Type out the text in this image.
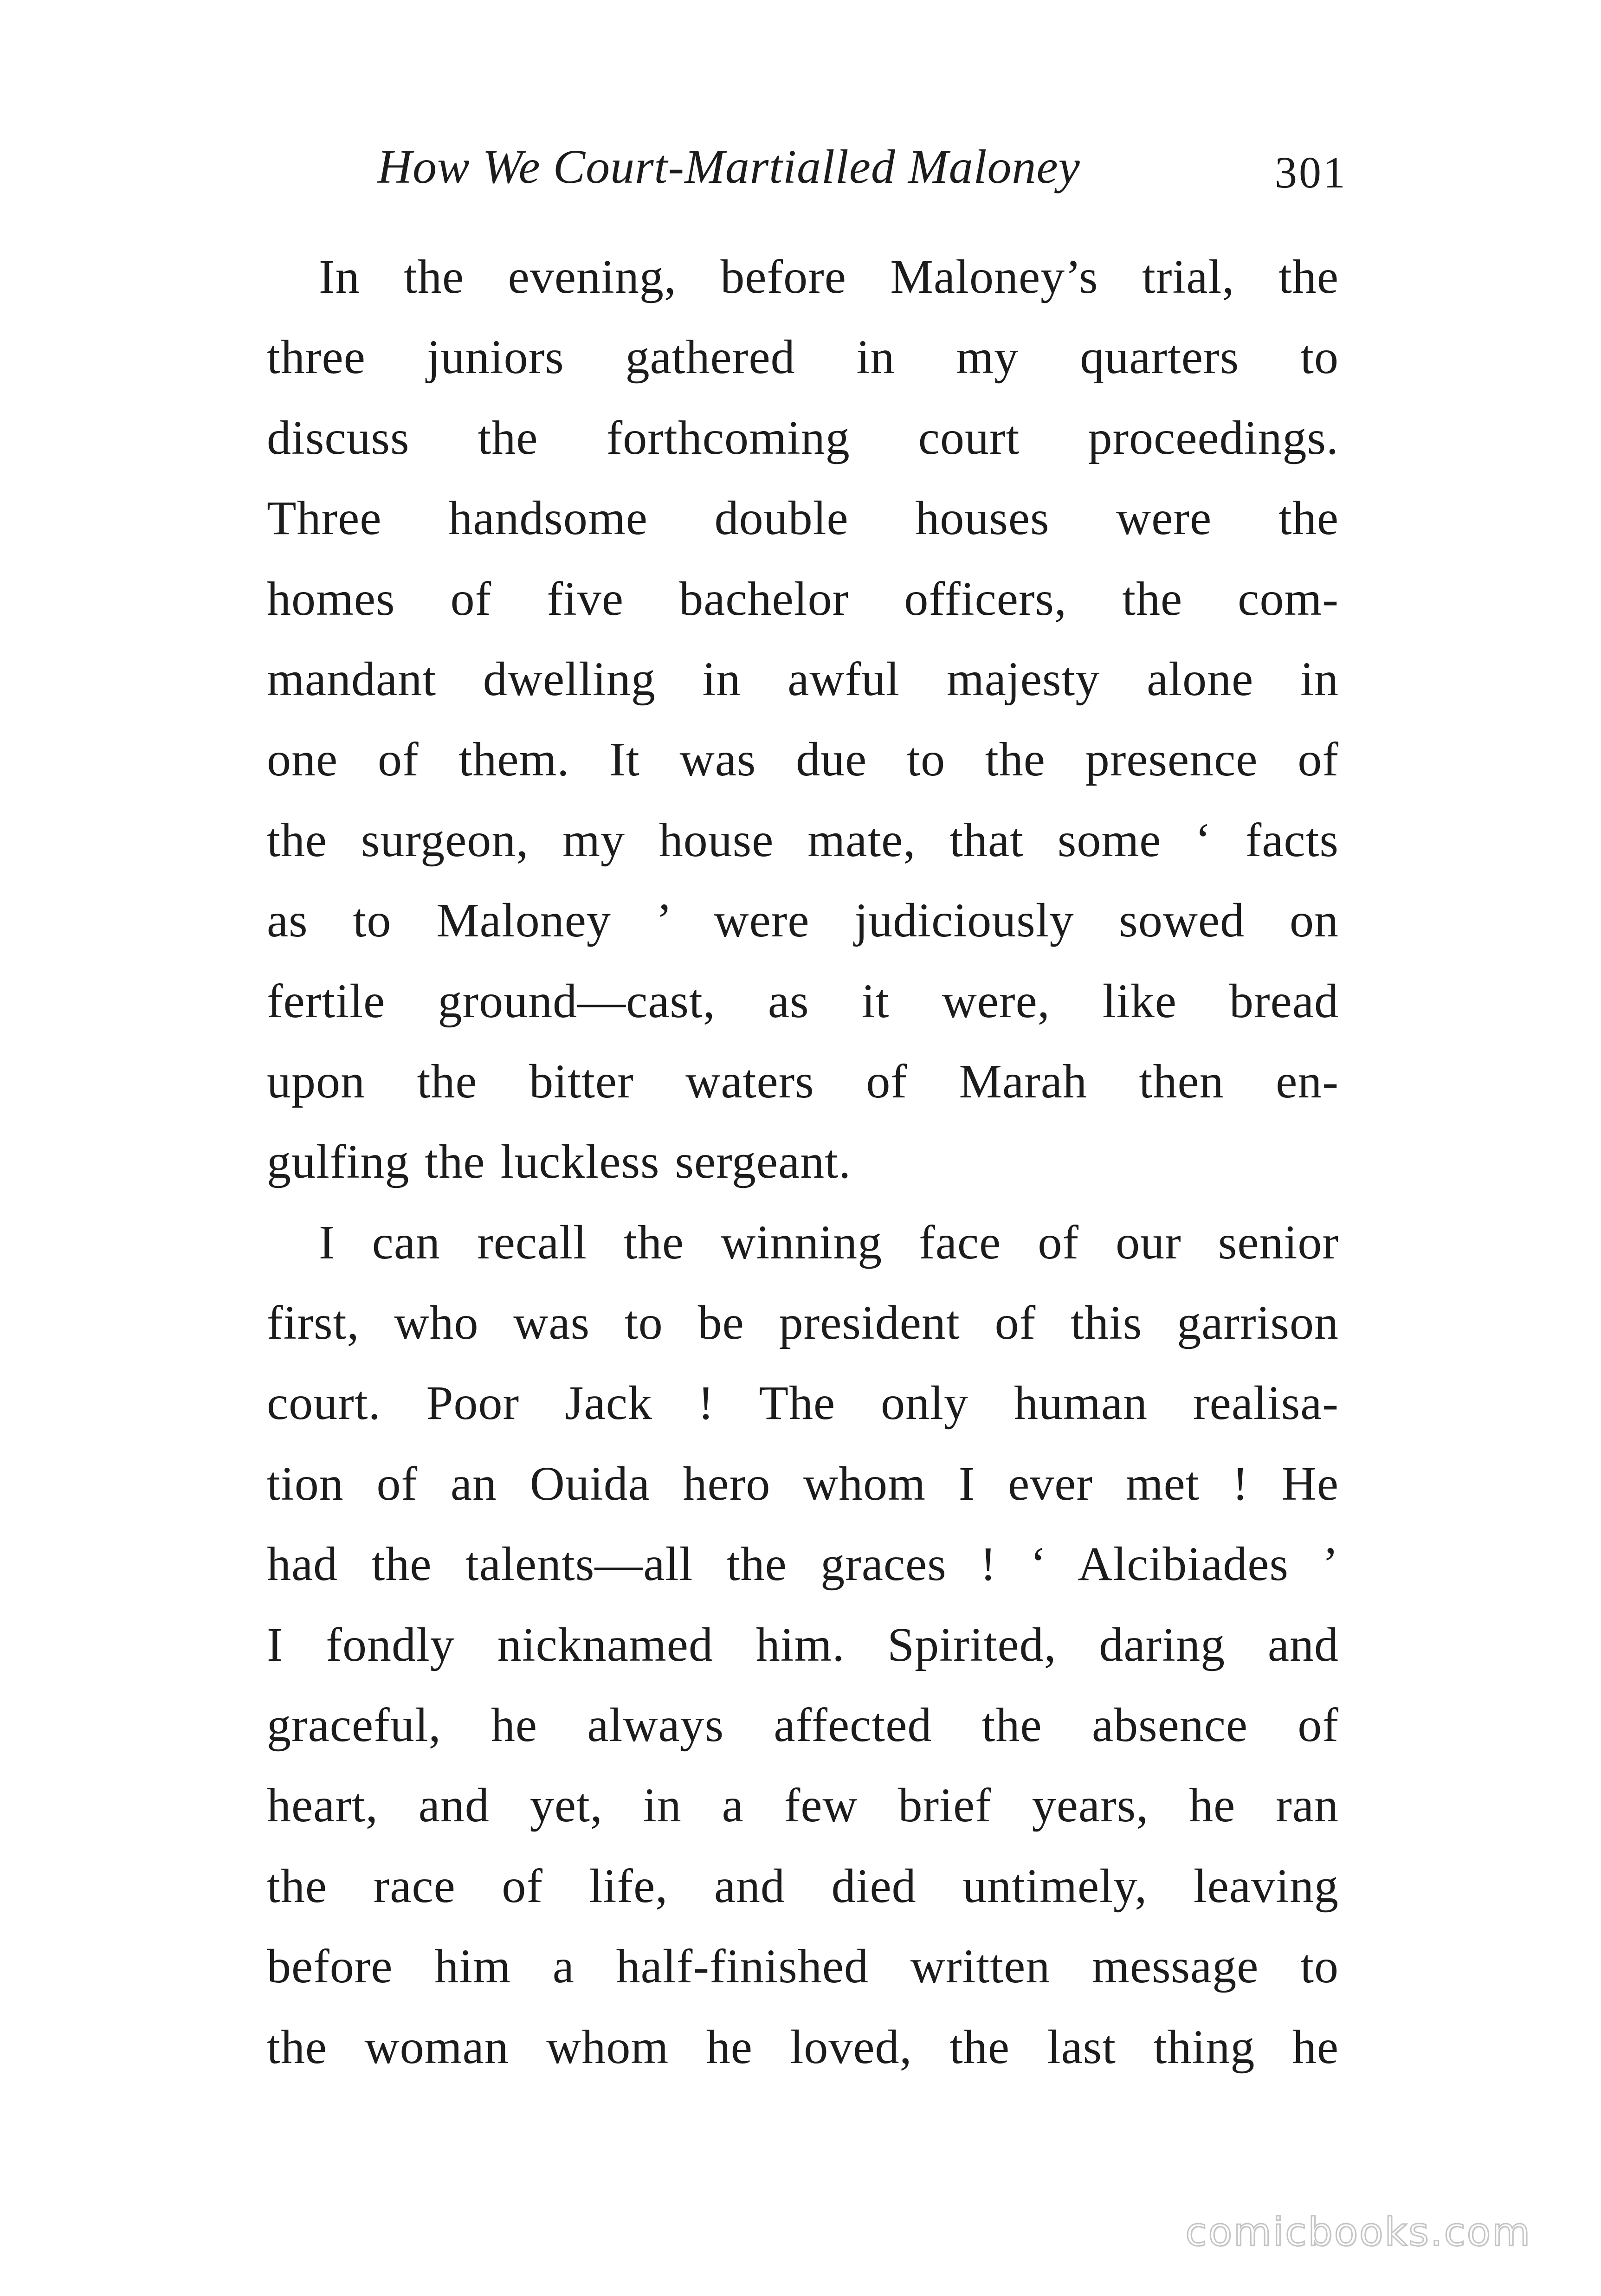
How We Court-Martialled Maloney	301
In the evening, before Maloney’s trial, the
three juniors gathered in my quarters to
discuss the forthcoming court proceedings.
Three handsome double houses were the
homes of five bachelor officers, the com-
mandant dwelling in awful majesty alone in
one of them. It was due to the presence of
the surgeon, my house mate, that some ‘ facts
as to Maloney ’ were judiciously sowed on
fertile ground—cast, as it were, like bread
upon the bitter waters of Marah then en-
gulfing the luckless sergeant.
I can recall the winning face of our senior
first, who was to be president of this garrison
court. Poor Jack ! The only human realisa-
tion of an Ouida hero whom I ever met ! He
had the talents—all the graces ! ‘ Alcibiades ’
I fondly nicknamed him. Spirited, daring and
graceful, he always affected the absence of
heart, and yet, in a few brief years, he ran
the race of life, and died untimely, leaving
before him a half-finished written message to
the woman whom he loved, the last thing he
comicbooks.com
